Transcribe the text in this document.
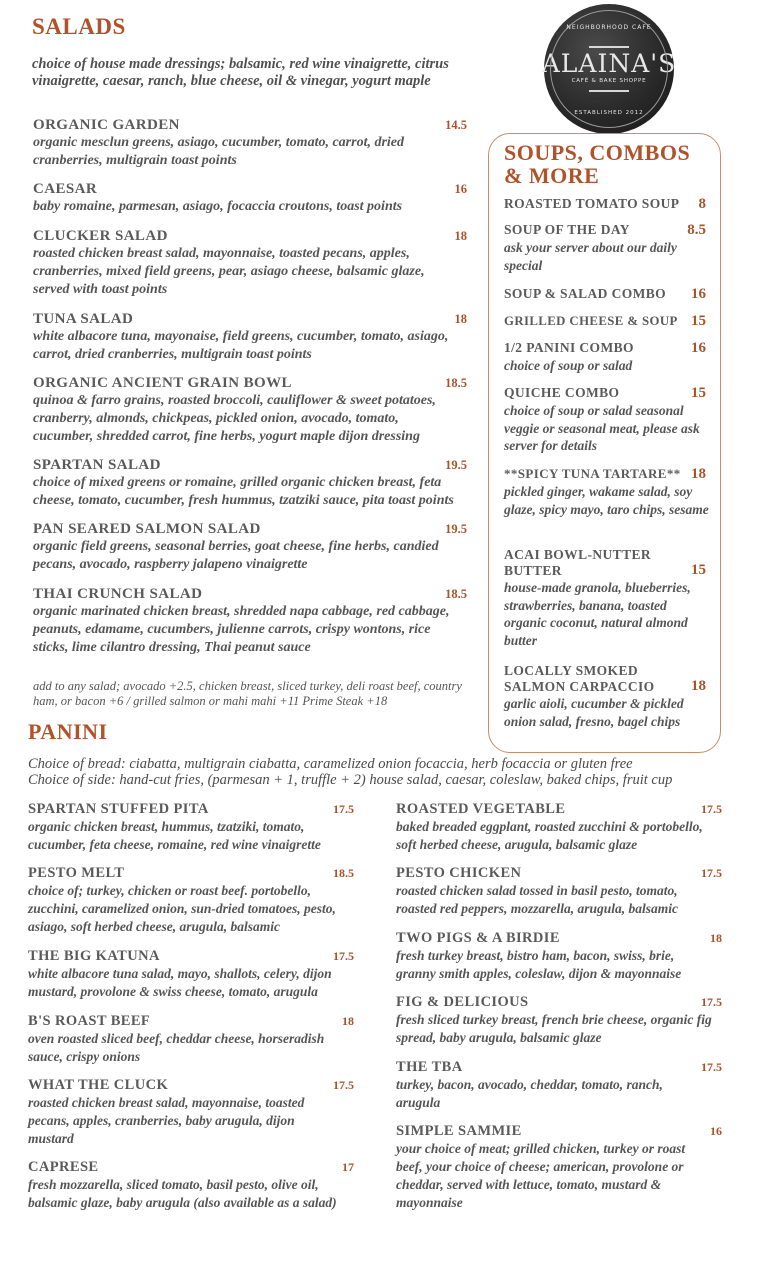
SALADS
choice of house made dressings; balsamic, red wine vinaigrette, citrus vinaigrette, caesar, ranch, blue cheese, oil & vinegar, yogurt maple
ORGANIC GARDEN	14.5
organic mesclun greens, asiago, cucumber, tomato, carrot, dried cranberries, multigrain toast points
CAESAR	16
baby romaine, parmesan, asiago, focaccia croutons, toast points
CLUCKER SALAD	18
roasted chicken breast salad, mayonnaise, toasted pecans, apples, cranberries, mixed field greens, pear, asiago cheese, balsamic glaze, served with toast points
TUNA SALAD	18
white albacore tuna, mayonaise, field greens, cucumber, tomato, asiago, carrot, dried cranberries, multigrain toast points
ORGANIC ANCIENT GRAIN BOWL	18.5
quinoa & farro grains, roasted broccoli, cauliflower & sweet potatoes, cranberry, almonds, chickpeas, pickled onion, avocado, tomato, cucumber, shredded carrot, fine herbs, yogurt maple dijon dressing
SPARTAN SALAD	19.5
choice of mixed greens or romaine, grilled organic chicken breast, feta cheese, tomato, cucumber, fresh hummus, tzatziki sauce, pita toast points
PAN SEARED SALMON SALAD	19.5
organic field greens, seasonal berries, goat cheese, fine herbs, candied pecans, avocado, raspberry jalapeno vinaigrette
THAI CRUNCH SALAD	18.5
organic marinated chicken breast, shredded napa cabbage, red cabbage, peanuts, edamame, cucumbers, julienne carrots, crispy wontons, rice sticks, lime cilantro dressing, Thai peanut sauce
add to any salad; avocado +2.5, chicken breast, sliced turkey, deli roast beef, country ham, or bacon +6 / grilled salmon or mahi mahi +11 Prime Steak +18
NEIGHBORHOOD CAFE
ALAINA'S
CAFÉ & BAKE SHOPPE
ESTABLISHED 2012
SOUPS, COMBOS
& MORE
ROASTED TOMATO SOUP 8
SOUP OF THE DAY	8.5
ask your server about our daily special
SOUP & SALAD COMBO 16
GRILLED CHEESE & SOUP 15
1/2 PANINI COMBO	16
choice of soup or salad
QUICHE COMBO	15
choice of soup or salad seasonal veggie or seasonal meat, please ask server for details
**SPICY TUNA TARTARE** 18
pickled ginger, wakame salad, soy glaze, spicy mayo, taro chips, sesame
ACAI BOWL-NUTTER BUTTER	15
house-made granola, blueberries, strawberries, banana, toasted organic coconut, natural almond butter
LOCALLY SMOKED SALMON CARPACCIO	18
garlic aioli, cucumber & pickled onion salad, fresno, bagel chips
PANINI
Choice of bread: ciabatta, multigrain ciabatta, caramelized onion focaccia, herb focaccia or gluten free
Choice of side: hand-cut fries, (parmesan + 1, truffle + 2) house salad, caesar, coleslaw, baked chips, fruit cup
SPARTAN STUFFED PITA	17.5
organic chicken breast, hummus, tzatziki, tomato, cucumber, feta cheese, romaine, red wine vinaigrette
PESTO MELT	18.5
choice of; turkey, chicken or roast beef. portobello, zucchini, caramelized onion, sun-dried tomatoes, pesto, asiago, soft herbed cheese, arugula, balsamic
THE BIG KATUNA	17.5
white albacore tuna salad, mayo, shallots, celery, dijon mustard, provolone & swiss cheese, tomato, arugula
B'S ROAST BEEF	18
oven roasted sliced beef, cheddar cheese, horseradish sauce, crispy onions
WHAT THE CLUCK	17.5
roasted chicken breast salad, mayonnaise, toasted pecans, apples, cranberries, baby arugula, dijon mustard
CAPRESE	17
fresh mozzarella, sliced tomato, basil pesto, olive oil, balsamic glaze, baby arugula (also available as a salad)
ROASTED VEGETABLE	17.5
baked breaded eggplant, roasted zucchini & portobello, soft herbed cheese, arugula, balsamic glaze
PESTO CHICKEN	17.5
roasted chicken salad tossed in basil pesto, tomato, roasted red peppers, mozzarella, arugula, balsamic
TWO PIGS & A BIRDIE	18
fresh turkey breast, bistro ham, bacon, swiss, brie, granny smith apples, coleslaw, dijon & mayonnaise
FIG & DELICIOUS	17.5
fresh sliced turkey breast, french brie cheese, organic fig spread, baby arugula, balsamic glaze
THE TBA	17.5
turkey, bacon, avocado, cheddar, tomato, ranch, arugula
SIMPLE SAMMIE	16
your choice of meat; grilled chicken, turkey or roast beef, your choice of cheese; american, provolone or cheddar, served with lettuce, tomato, mustard & mayonnaise
